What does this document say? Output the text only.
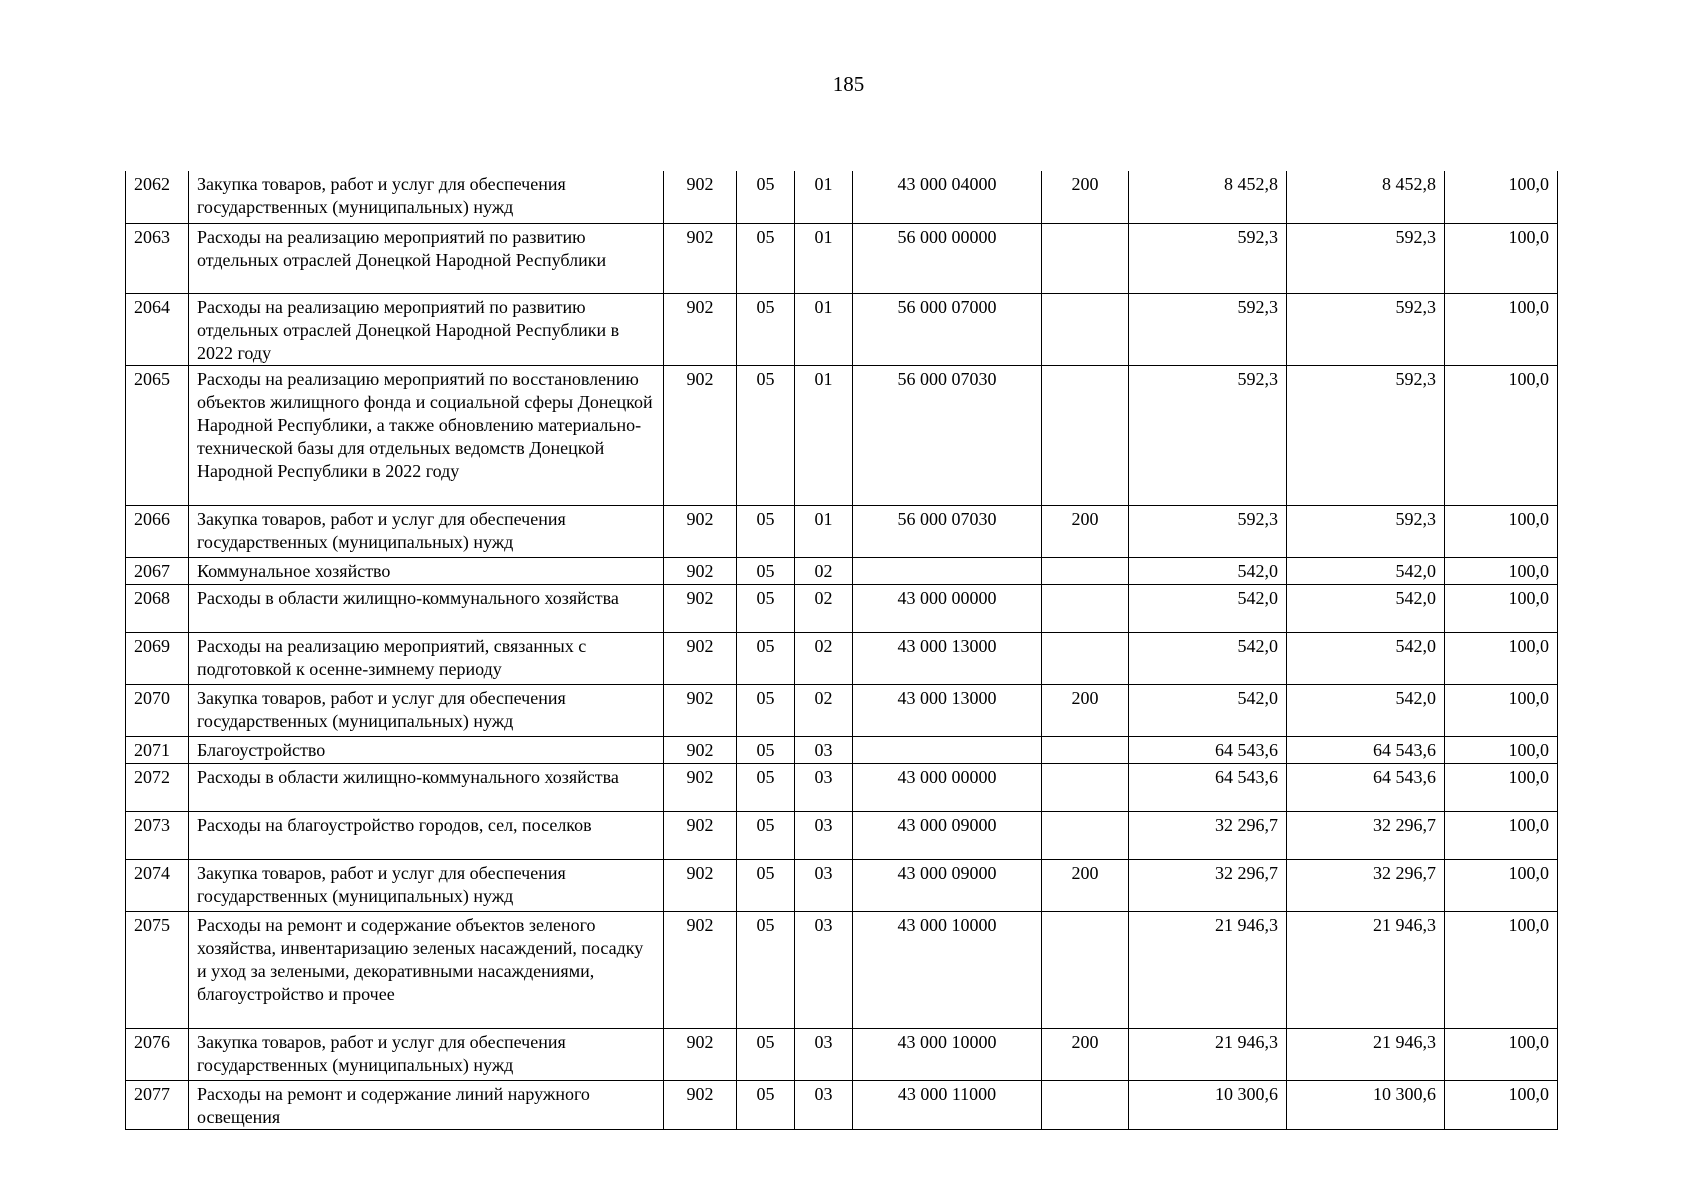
185
2062	Закупка товаров, работ и услуг для обеспечения государственных (муниципальных) нужд	902	05	01	43 000 04000	200	8 452,8	8 452,8	100,0
2063	Расходы на реализацию мероприятий по развитию отдельных отраслей Донецкой Народной Республики	902	05	01	56 000 00000		592,3	592,3	100,0
2064	Расходы на реализацию мероприятий по развитию отдельных отраслей Донецкой Народной Республики в 2022 году	902	05	01	56 000 07000		592,3	592,3	100,0
2065	Расходы на реализацию мероприятий по восстановлению объектов жилищного фонда и социальной сферы Донецкой Народной Республики, а также обновлению материально-технической базы для отдельных ведомств Донецкой Народной Республики в 2022 году	902	05	01	56 000 07030		592,3	592,3	100,0
2066	Закупка товаров, работ и услуг для обеспечения государственных (муниципальных) нужд	902	05	01	56 000 07030	200	592,3	592,3	100,0
2067	Коммунальное хозяйство	902	05	02			542,0	542,0	100,0
2068	Расходы в области жилищно-коммунального хозяйства	902	05	02	43 000 00000		542,0	542,0	100,0
2069	Расходы на реализацию мероприятий, связанных с подготовкой к осенне-зимнему периоду	902	05	02	43 000 13000		542,0	542,0	100,0
2070	Закупка товаров, работ и услуг для обеспечения государственных (муниципальных) нужд	902	05	02	43 000 13000	200	542,0	542,0	100,0
2071	Благоустройство	902	05	03			64 543,6	64 543,6	100,0
2072	Расходы в области жилищно-коммунального хозяйства	902	05	03	43 000 00000		64 543,6	64 543,6	100,0
2073	Расходы на благоустройство городов, сел, поселков	902	05	03	43 000 09000		32 296,7	32 296,7	100,0
2074	Закупка товаров, работ и услуг для обеспечения государственных (муниципальных) нужд	902	05	03	43 000 09000	200	32 296,7	32 296,7	100,0
2075	Расходы на ремонт и содержание объектов зеленого хозяйства, инвентаризацию зеленых насаждений, посадку и уход за зелеными, декоративными насаждениями, благоустройство и прочее	902	05	03	43 000 10000		21 946,3	21 946,3	100,0
2076	Закупка товаров, работ и услуг для обеспечения государственных (муниципальных) нужд	902	05	03	43 000 10000	200	21 946,3	21 946,3	100,0
2077	Расходы на ремонт и содержание линий наружного освещения	902	05	03	43 000 11000		10 300,6	10 300,6	100,0
